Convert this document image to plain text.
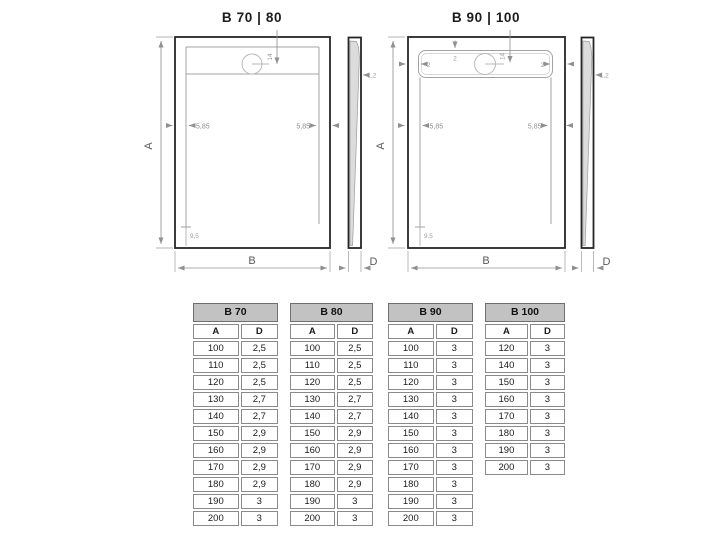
B 70 | 80
A
14
5,85	5,85
9,5
B
1,2
D
B 90 | 100
A
2	2
2	14
5,85	5,85
9,5
B
1,2
D
B 70
A	D
100	2,5
110	2,5
120	2,5
130	2,7
140	2,7
150	2,9
160	2,9
170	2,9
180	2,9
190	3
200	3
B 80
A	D
100	2,5
110	2,5
120	2,5
130	2,7
140	2,7
150	2,9
160	2,9
170	2,9
180	2,9
190	3
200	3
B 90
A	D
100	3
110	3
120	3
130	3
140	3
150	3
160	3
170	3
180	3
190	3
200	3
B 100
A	D
120	3
140	3
150	3
160	3
170	3
180	3
190	3
200	3
